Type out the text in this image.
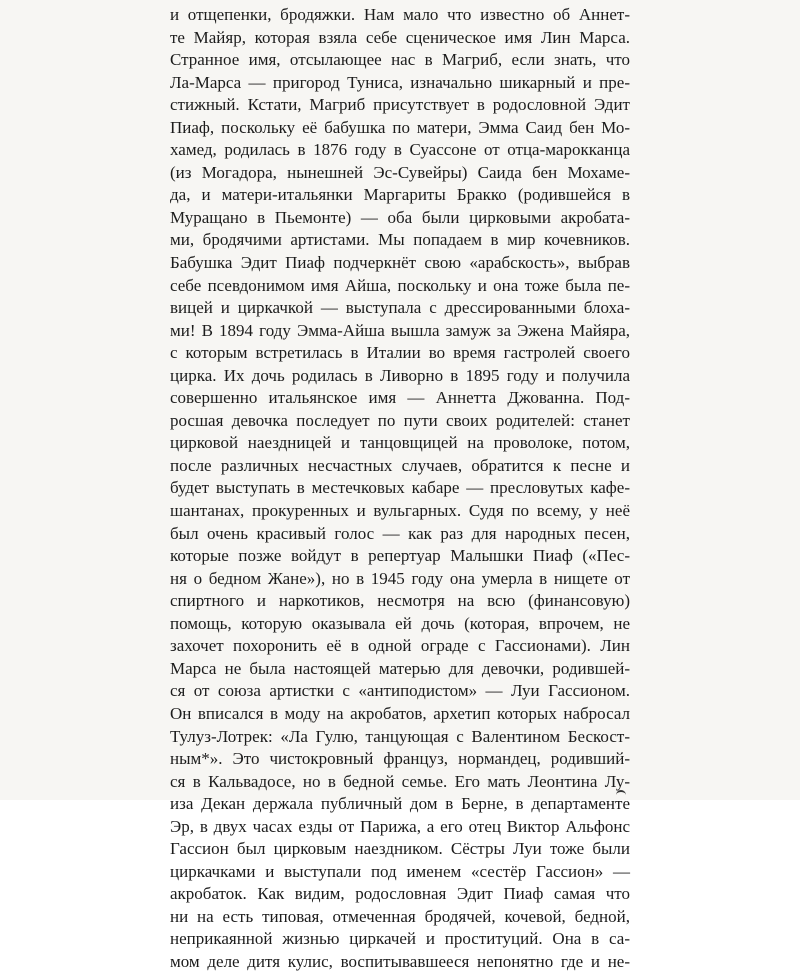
и отщепенки, бродяжки. Нам мало что известно об Аннет-
те Майяр, которая взяла себе сценическое имя Лин Марса.
Странное имя, отсылающее нас в Магриб, если знать, что
Ла-Марса — пригород Туниса, изначально шикарный и пре-
стижный. Кстати, Магриб присутствует в родословной Эдит
Пиаф, поскольку её бабушка по матери, Эмма Саид бен Мо-
хамед, родилась в 1876 году в Суассоне от отца-марокканца
(из Могадора, нынешней Эс-Сувейры) Саида бен Мохаме-
да, и матери-итальянки Маргариты Бракко (родившейся в
Муращано в Пьемонте) — оба были цирковыми акробата-
ми, бродячими артистами. Мы попадаем в мир кочевников.
Бабушка Эдит Пиаф подчеркнёт свою «арабскость», выбрав
себе псевдонимом имя Айша, поскольку и она тоже была пе-
вицей и циркачкой — выступала с дрессированными блоха-
ми! В 1894 году Эмма-Айша вышла замуж за Эжена Майяра,
с которым встретилась в Италии во время гастролей своего
цирка. Их дочь родилась в Ливорно в 1895 году и получила
совершенно итальянское имя — Аннетта Джованна. Под-
росшая девочка последует по пути своих родителей: станет
цирковой наездницей и танцовщицей на проволоке, потом,
после различных несчастных случаев, обратится к песне и
будет выступать в местечковых кабаре — пресловутых кафе-
шантанах, прокуренных и вульгарных. Судя по всему, у неё
был очень красивый голос — как раз для народных песен,
которые позже войдут в репертуар Малышки Пиаф («Пес-
ня о бедном Жане»), но в 1945 году она умерла в нищете от
спиртного и наркотиков, несмотря на всю (финансовую)
помощь, которую оказывала ей дочь (которая, впрочем, не
захочет похоронить её в одной ограде с Гассионами). Лин
Марса не была настоящей матерью для девочки, родившей-
ся от союза артистки с «антиподистом» — Луи Гассионом.
Он вписался в моду на акробатов, архетип которых набросал
Тулуз-Лотрек: «Ла Гулю, танцующая с Валентином Бескост-
ным*». Это чистокровный француз, нормандец, родивший-
ся в Кальвадосе, но в бедной семье. Его мать Леонтина Лу-
иза Декан держала публичный дом в Берне, в департаменте
Эр, в двух часах езды от Парижа, а его отец Виктор Альфонс
Гассион был цирковым наездником. Сёстры Луи тоже были
циркачками и выступали под именем «сестёр Гассион» —
акробаток. Как видим, родословная Эдит Пиаф самая что
ни на есть типовая, отмеченная бродячей, кочевой, бедной,
неприкаянной жизнью циркачей и проституций. Она в са-
мом деле дитя кулис, воспитывавшееся непонятно где и не-
